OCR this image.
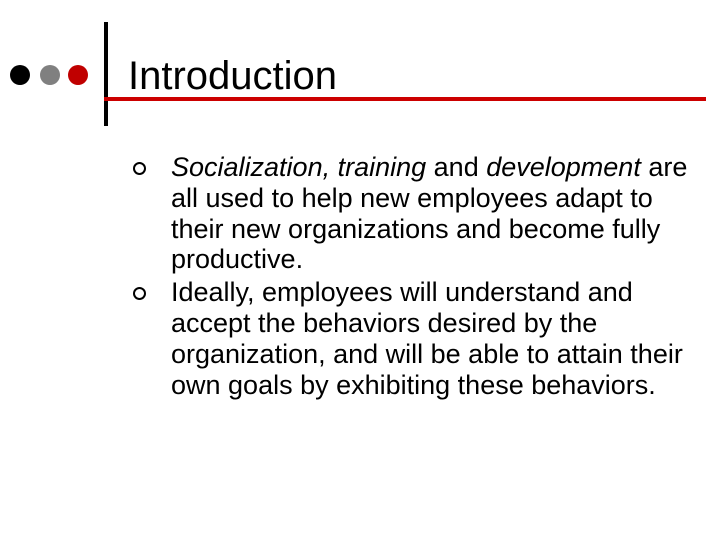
Introduction
Socialization, training and development are all used to help new employees adapt to their new organizations and become fully productive.
Ideally, employees will understand and accept the behaviors desired by the organization, and will be able to attain their own goals by exhibiting these behaviors.
